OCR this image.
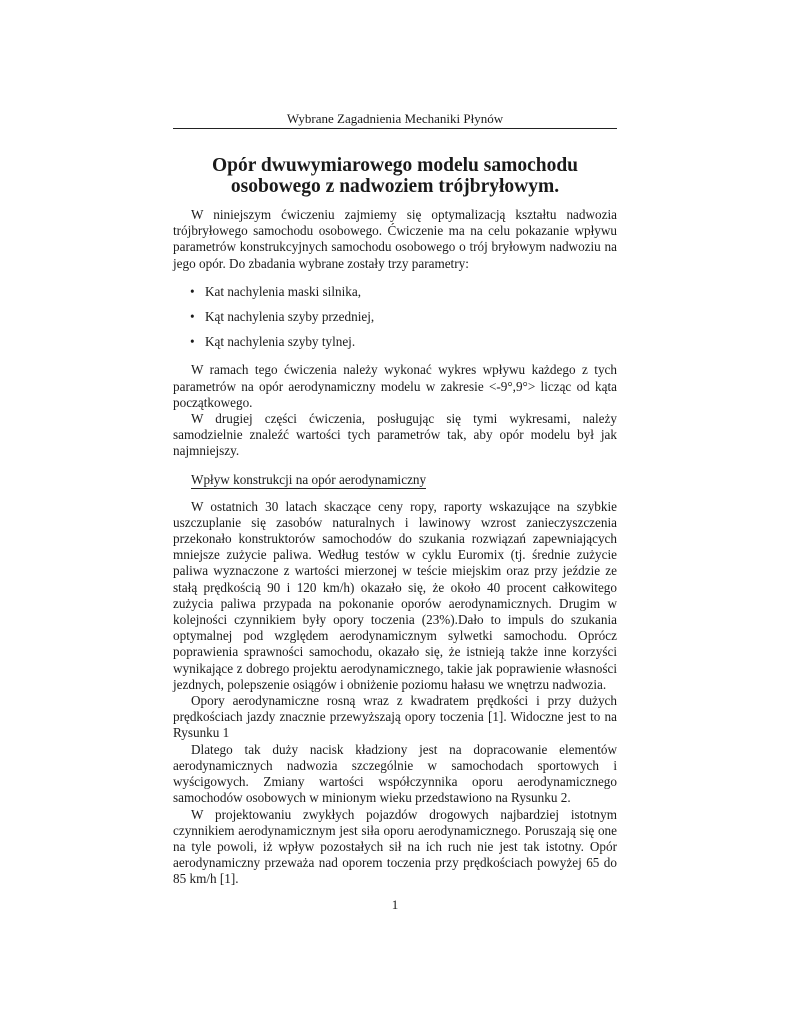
Wybrane Zagadnienia Mechaniki Płynów
Opór dwuwymiarowego modelu samochodu
osobowego z nadwoziem trójbryłowym.

W niniejszym ćwiczeniu zajmiemy się optymalizacją kształtu nadwozia trójbryłowego samochodu osobowego. Ćwiczenie ma na celu pokazanie wpływu parametrów konstrukcyjnych samochodu osobowego o trój bryłowym nadwoziu na jego opór. Do zbadania wybrane zostały trzy parametry:

• Kat nachylenia maski silnika,
• Kąt nachylenia szyby przedniej,
• Kąt nachylenia szyby tylnej.

W ramach tego ćwiczenia należy wykonać wykres wpływu każdego z tych parametrów na opór aerodynamiczny modelu w zakresie <-9°,9°> licząc od kąta początkowego.

W drugiej części ćwiczenia, posługując się tymi wykresami, należy samodzielnie znaleźć wartości tych parametrów tak, aby opór modelu był jak najmniejszy.

Wpływ konstrukcji na opór aerodynamiczny

W ostatnich 30 latach skaczące ceny ropy, raporty wskazujące na szybkie uszczuplanie się zasobów naturalnych i lawinowy wzrost zanieczyszczenia przekonało konstruktorów samochodów do szukania rozwiązań zapewniających mniejsze zużycie paliwa. Według testów w cyklu Euromix (tj. średnie zużycie paliwa wyznaczone z wartości mierzonej w teście miejskim oraz przy jeździe ze stałą prędkością 90 i 120 km/h) okazało się, że około 40 procent całkowitego zużycia paliwa przypada na pokonanie oporów aerodynamicznych. Drugim w kolejności czynnikiem były opory toczenia (23%).Dało to impuls do szukania optymalnej pod względem aerodynamicznym sylwetki samochodu. Oprócz poprawienia sprawności samochodu, okazało się, że istnieją także inne korzyści wynikające z dobrego projektu aerodynamicznego, takie jak poprawienie własności jezdnych, polepszenie osiągów i obniżenie poziomu hałasu we wnętrzu nadwozia.

Opory aerodynamiczne rosną wraz z kwadratem prędkości i przy dużych prędkościach jazdy znacznie przewyższają opory toczenia [1]. Widoczne jest to na Rysunku 1

Dlatego tak duży nacisk kładziony jest na dopracowanie elementów aerodynamicznych nadwozia szczególnie w samochodach sportowych i wyścigowych. Zmiany wartości współczynnika oporu aerodynamicznego samochodów osobowych w minionym wieku przedstawiono na Rysunku 2.

W projektowaniu zwykłych pojazdów drogowych najbardziej istotnym czynnikiem aerodynamicznym jest siła oporu aerodynamicznego. Poruszają się one na tyle powoli, iż wpływ pozostałych sił na ich ruch nie jest tak istotny. Opór aerodynamiczny przeważa nad oporem toczenia przy prędkościach powyżej 65 do 85 km/h [1].

1
